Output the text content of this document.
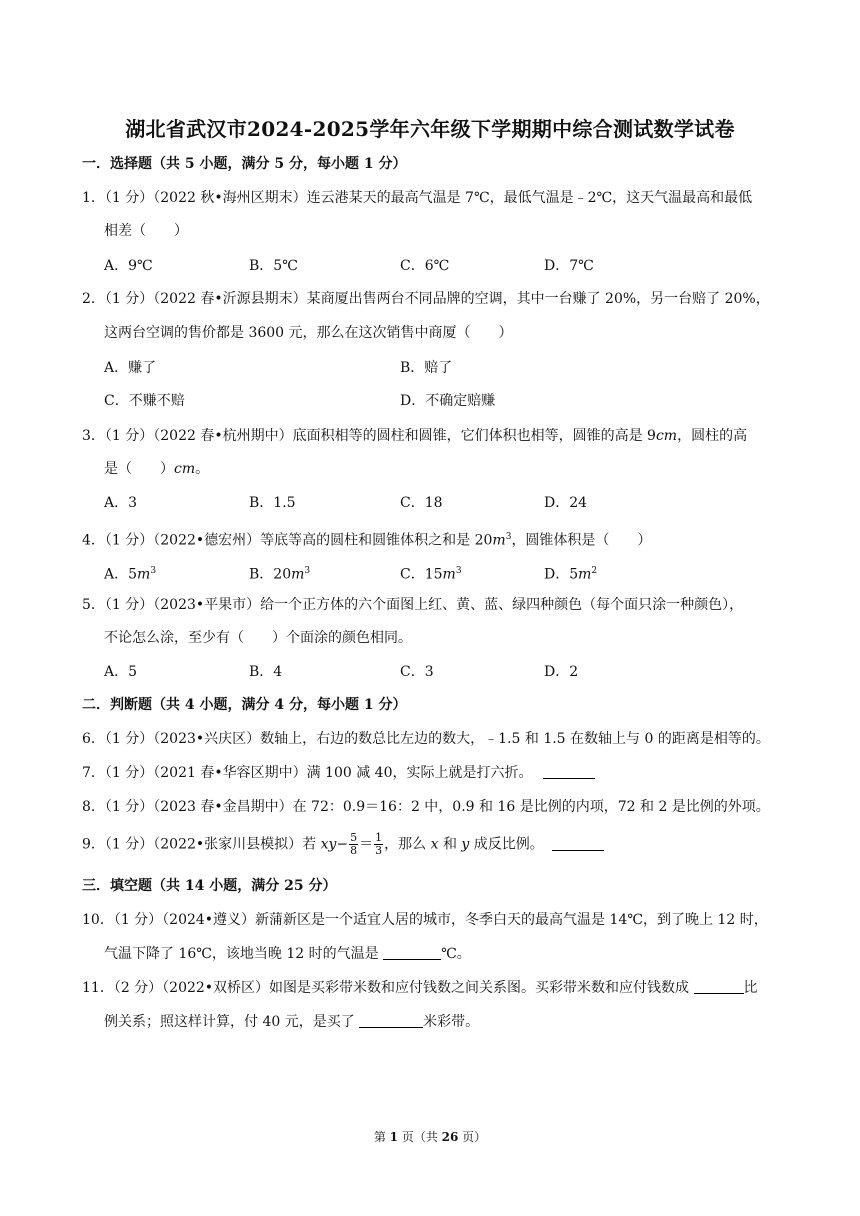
湖北省武汉市2024-2025学年六年级下学期期中综合测试数学试卷
一．选择题（共 5 小题，满分 5 分，每小题 1 分）
1．（1 分）（2022 秋•海州区期末）连云港某天的最高气温是 7℃，最低气温是﹣2℃，这天气温最高和最低
相差（　　）
A．9℃	B．5℃	C．6℃	D．7℃
2．（1 分）（2022 春•沂源县期末）某商厦出售两台不同品牌的空调，其中一台赚了 20%，另一台赔了 20%，
这两台空调的售价都是 3600 元，那么在这次销售中商厦（　　）
A．赚了	B．赔了
C．不赚不赔	D．不确定赔赚
3．（1 分）（2022 春•杭州期中）底面积相等的圆柱和圆锥，它们体积也相等，圆锥的高是 9cm，圆柱的高
是（　　）cm。
A．3	B．1.5	C．18	D．24
4．（1 分）（2022•德宏州）等底等高的圆柱和圆锥体积之和是 $20m^3$，圆锥体积是（　　）
A．$5m^3$	B．$20m^3$	C．$15m^3$	D．$5m^2$
5．（1 分）（2023•平果市）给一个正方体的六个面图上红、黄、蓝、绿四种颜色（每个面只涂一种颜色），
不论怎么涂，至少有（　　）个面涂的颜色相同。
A．5	B．4	C．3	D．2
二．判断题（共 4 小题，满分 4 分，每小题 1 分）
6．（1 分）（2023•兴庆区）数轴上，右边的数总比左边的数大，﹣1.5 和 1.5 在数轴上与 0 的距离是相等的。
7．（1 分）（2021 春•华容区期中）满 100 减 40，实际上就是打六折。
8．（1 分）（2023 春•金昌期中）在 72：0.9＝16：2 中，0.9 和 16 是比例的内项，72 和 2 是比例的外项。
9．（1 分）（2022•张家川县模拟）若 $xy- \frac{5}{8} = \frac{1}{3}$ ，那么 x 和 y 成反比例。
三．填空题（共 14 小题，满分 25 分）
10．（1 分）（2024•遵义）新蒲新区是一个适宜人居的城市，冬季白天的最高气温是 14℃，到了晚上 12 时，
气温下降了 16℃，该地当晚 12 时的气温是	℃。
11．（2 分）（2022•双桥区）如图是买彩带米数和应付钱数之间关系图。买彩带米数和应付钱数成	比
例关系；照这样计算，付 40 元，是买了	米彩带。
第 1 页（共 26 页）
